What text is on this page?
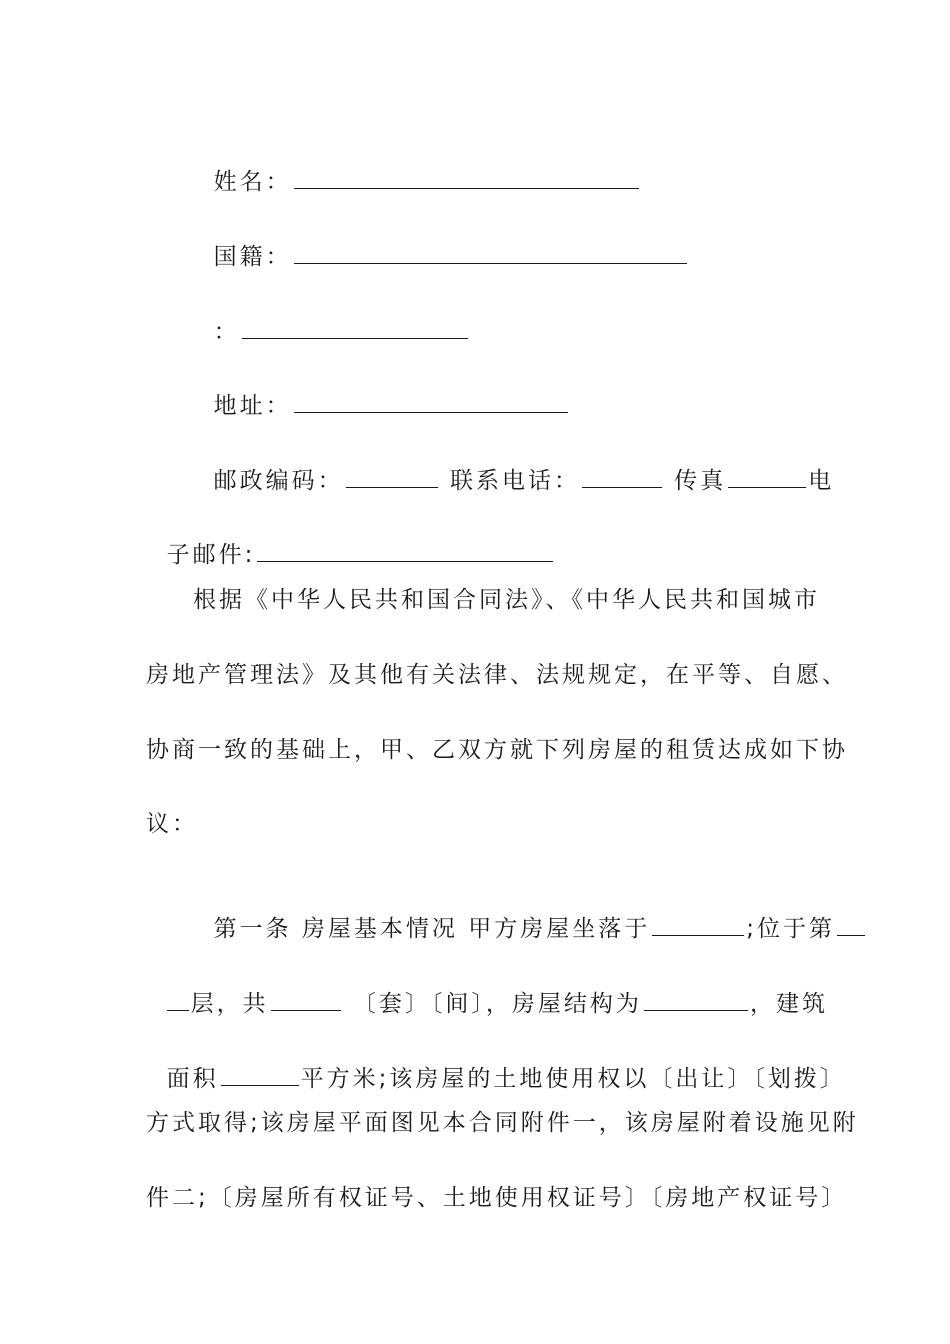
姓名：

国籍：

：

地址：

邮政编码：	联系电话：	传真	电

子邮件:

根据《中华人民共和国合同法》、《中华人民共和国城市
房地产管理法》及其他有关法律、法规规定，在平等、自愿、
协商一致的基础上，甲、乙双方就下列房屋的租赁达成如下协
议：

第一条 房屋基本情况 甲方房屋坐落于	;位于第

层，共	〔套〕〔间〕，房屋结构为	，建筑

面积	平方米;该房屋的土地使用权以〔出让〕〔划拨〕

方式取得;该房屋平面图见本合同附件一，该房屋附着设施见附
件二;〔房屋所有权证号、土地使用权证号〕〔房地产权证号〕
